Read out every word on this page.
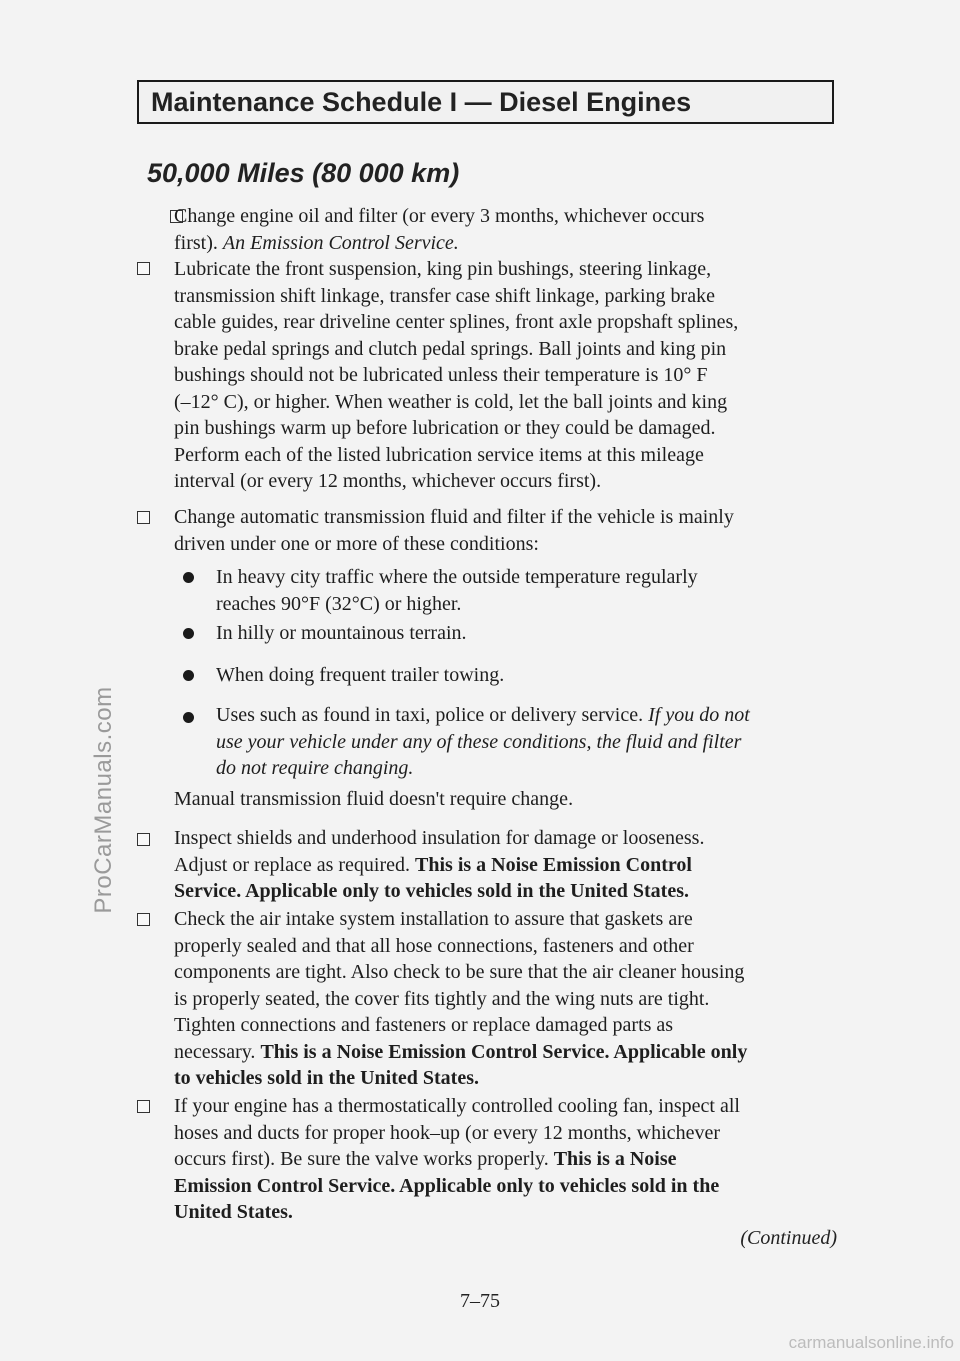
ProCarManuals.com
Maintenance Schedule I — Diesel Engines
50,000 Miles (80 000 km)
Change engine oil and filter (or every 3 months, whichever occurs
first). An Emission Control Service.
Lubricate the front suspension, king pin bushings, steering linkage,
transmission shift linkage, transfer case shift linkage, parking brake
cable guides, rear driveline center splines, front axle propshaft splines,
brake pedal springs and clutch pedal springs. Ball joints and king pin
bushings should not be lubricated unless their temperature is 10° F
(–12° C), or higher. When weather is cold, let the ball joints and king
pin bushings warm up before lubrication or they could be damaged.
Perform each of the listed lubrication service items at this mileage
interval (or every 12 months, whichever occurs first).
Change automatic transmission fluid and filter if the vehicle is mainly
driven under one or more of these conditions:
In heavy city traffic where the outside temperature regularly
reaches 90°F (32°C) or higher.
In hilly or mountainous terrain.
When doing frequent trailer towing.
Uses such as found in taxi, police or delivery service. If you do not
use your vehicle under any of these conditions, the fluid and filter
do not require changing.
Manual transmission fluid doesn't require change.
Inspect shields and underhood insulation for damage or looseness.
Adjust or replace as required. This is a Noise Emission Control
Service. Applicable only to vehicles sold in the United States.
Check the air intake system installation to assure that gaskets are
properly sealed and that all hose connections, fasteners and other
components are tight. Also check to be sure that the air cleaner housing
is properly seated, the cover fits tightly and the wing nuts are tight.
Tighten connections and fasteners or replace damaged parts as
necessary. This is a Noise Emission Control Service. Applicable only
to vehicles sold in the United States.
If your engine has a thermostatically controlled cooling fan, inspect all
hoses and ducts for proper hook–up (or every 12 months, whichever
occurs first). Be sure the valve works properly. This is a Noise
Emission Control Service. Applicable only to vehicles sold in the
United States.
(Continued)
7–75
carmanualsonline.info
